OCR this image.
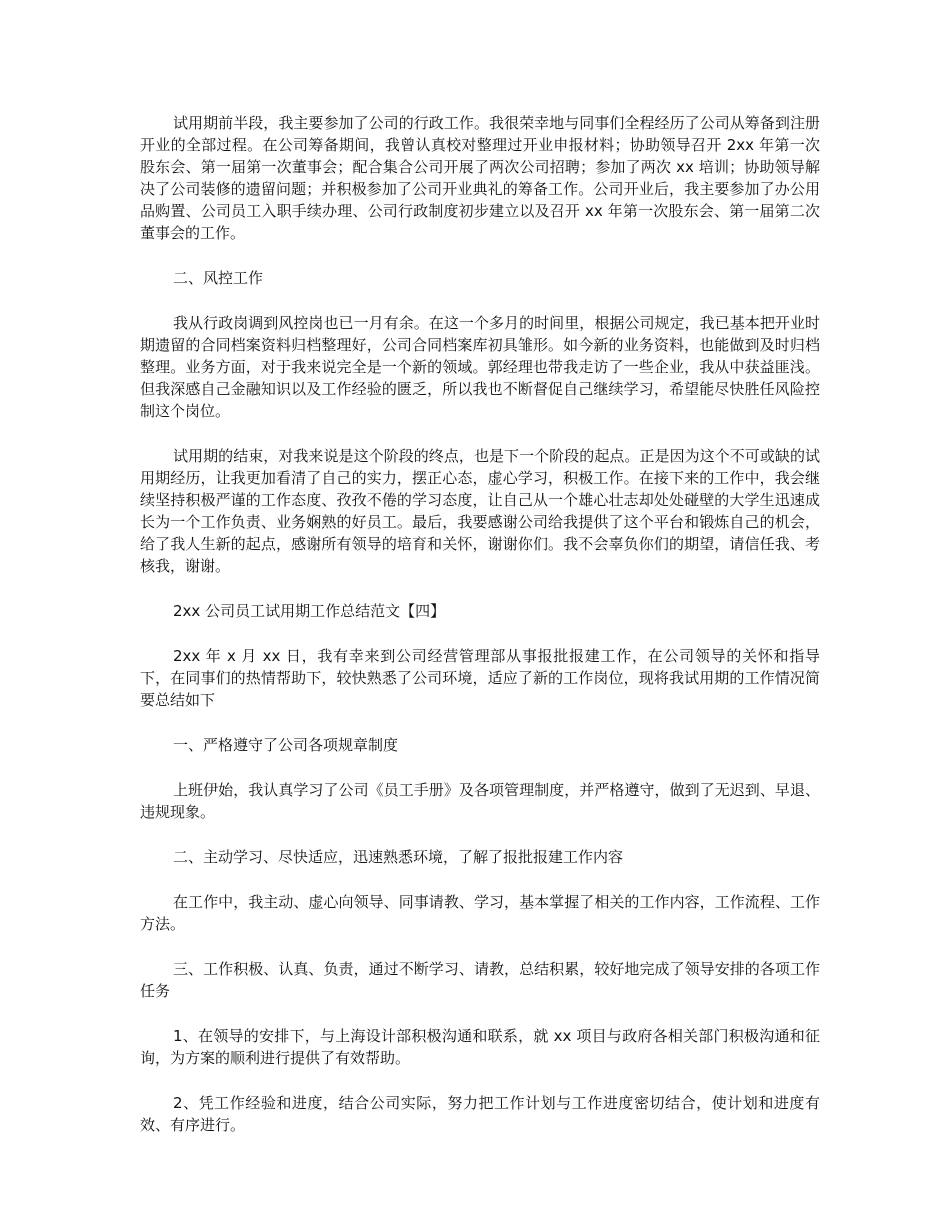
试用期前半段，我主要参加了公司的行政工作。我很荣幸地与同事们全程经历了公司从筹备到注册开业的全部过程。在公司筹备期间，我曾认真校对整理过开业申报材料；协助领导召开 2xx 年第一次股东会、第一届第一次董事会；配合集合公司开展了两次公司招聘；参加了两次 xx 培训；协助领导解决了公司装修的遗留问题；并积极参加了公司开业典礼的筹备工作。公司开业后，我主要参加了办公用品购置、公司员工入职手续办理、公司行政制度初步建立以及召开 xx 年第一次股东会、第一届第二次董事会的工作。

二、风控工作

我从行政岗调到风控岗也已一月有余。在这一个多月的时间里，根据公司规定，我已基本把开业时期遗留的合同档案资料归档整理好，公司合同档案库初具雏形。如今新的业务资料，也能做到及时归档整理。业务方面，对于我来说完全是一个新的领域。郭经理也带我走访了一些企业，我从中获益匪浅。但我深感自己金融知识以及工作经验的匮乏，所以我也不断督促自己继续学习，希望能尽快胜任风险控制这个岗位。

试用期的结束，对我来说是这个阶段的终点，也是下一个阶段的起点。正是因为这个不可或缺的试用期经历，让我更加看清了自己的实力，摆正心态，虚心学习，积极工作。在接下来的工作中，我会继续坚持积极严谨的工作态度、孜孜不倦的学习态度，让自己从一个雄心壮志却处处碰壁的大学生迅速成长为一个工作负责、业务娴熟的好员工。最后，我要感谢公司给我提供了这个平台和锻炼自己的机会，给了我人生新的起点，感谢所有领导的培育和关怀，谢谢你们。我不会辜负你们的期望，请信任我、考核我，谢谢。

2xx 公司员工试用期工作总结范文【四】

2xx 年 x 月 xx 日，我有幸来到公司经营管理部从事报批报建工作，在公司领导的关怀和指导下，在同事们的热情帮助下，较快熟悉了公司环境，适应了新的工作岗位，现将我试用期的工作情况简要总结如下

一、严格遵守了公司各项规章制度

上班伊始，我认真学习了公司《员工手册》及各项管理制度，并严格遵守，做到了无迟到、早退、违规现象。

二、主动学习、尽快适应，迅速熟悉环境，了解了报批报建工作内容

在工作中，我主动、虚心向领导、同事请教、学习，基本掌握了相关的工作内容，工作流程、工作方法。

三、工作积极、认真、负责，通过不断学习、请教，总结积累，较好地完成了领导安排的各项工作任务

1、在领导的安排下，与上海设计部积极沟通和联系，就 xx 项目与政府各相关部门积极沟通和征询，为方案的顺利进行提供了有效帮助。

2、凭工作经验和进度，结合公司实际，努力把工作计划与工作进度密切结合，使计划和进度有效、有序进行。
